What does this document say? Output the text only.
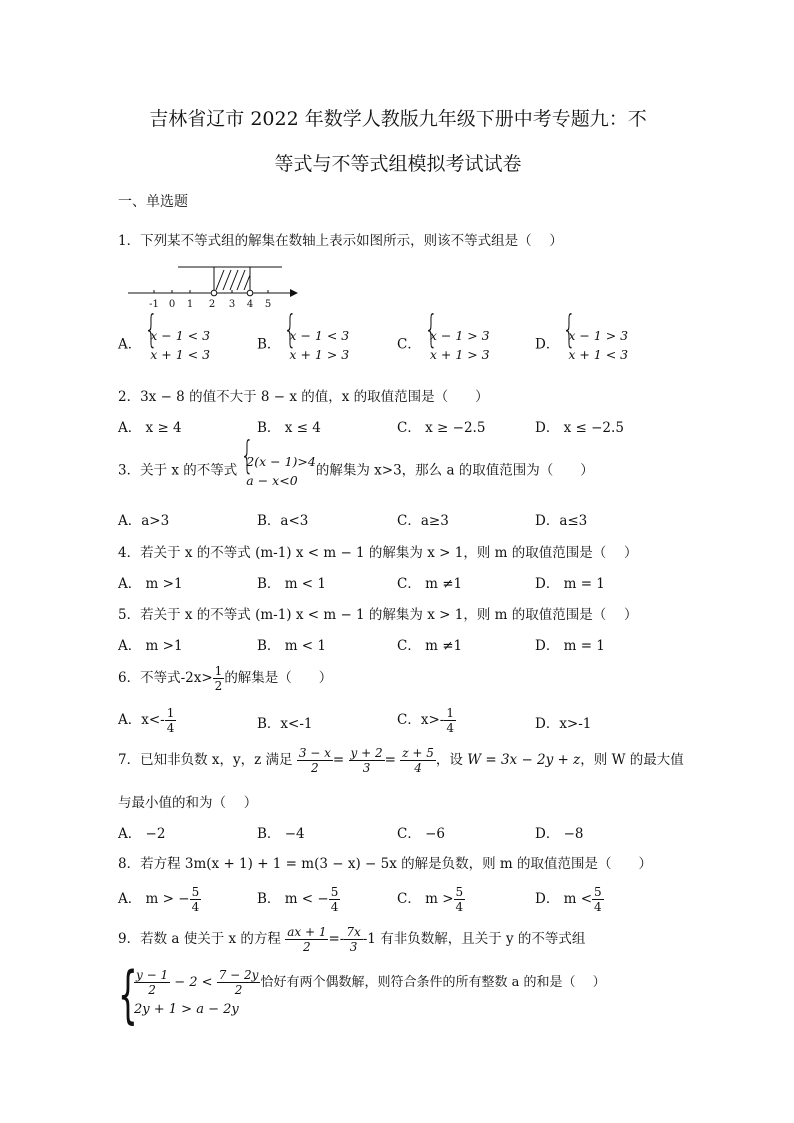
吉林省辽市 2022 年数学人教版九年级下册中考专题九：不
等式与不等式组模拟考试试卷
一、单选题
1．下列某不等式组的解集在数轴上表示如图所示，则该不等式组是（　 ）
-1 0 1 2 3 4 5
A．
{ x − 1 < 3
x + 1 < 3
B．
{ x − 1 < 3
x + 1 > 3
C．
{ x − 1 > 3
x + 1 > 3
D．
{ x − 1 > 3
x + 1 < 3
2．3x − 8 的值不大于 8 − x 的值，x 的取值范围是（　　）
A． x ≥ 4	B． x ≤ 4	C． x ≥ −2.5	D． x ≤ −2.5
3．关于 x 的不等式
{ 2(x − 1)>4
a − x<0
的解集为 x>3，那么 a 的取值范围为（　　）
A．a>3	B．a<3	C．a≥3	D．a≤3
4．若关于 x 的不等式 (m-1) x < m − 1 的解集为 x > 1，则 m 的取值范围是（　 ）
A． m >1	B． m < 1	C． m ≠1	D． m = 1
5．若关于 x 的不等式 (m-1) x < m − 1 的解集为 x > 1，则 m 的取值范围是（　 ）
A． m >1	B． m < 1	C． m ≠1	D． m = 1
6．不等式$-2x> \frac{1}{2}$ 的解集是（　　）
A．$x<- \frac{1}{4}$	B．x<-1	C．$x>- \frac{1}{4}$	D．x>-1
7．已知非负数 x，y，z 满足 $\frac{3 - x}{2} = \frac{y + 2}{3} = \frac{z + 5}{4}$ ，设 W = 3x − 2y + z，则 W 的最大值
与最小值的和为（　 ）
A． −2	B． −4	C． −6	D． −8
8．若方程 3m(x + 1) + 1 = m(3 − x) − 5x 的解是负数，则 m 的取值范围是（　　）
A． m > − $\frac{5}{4}$	B． m < − $\frac{5}{4}$	C． $m > \frac{5}{4}$	D． $m < \frac{5}{4}$
9．若数 a 使关于 x 的方程 $\frac{ax + 1}{2} =- \frac{7x}{3} -1$ 有非负数解，且关于 y 的不等式组
{
$\frac{y - 1}{2} - 2 < \frac{7 - 2y}{2}$ 恰好有两个偶数解，则符合条件的所有整数 a 的和是（　 ）
2y + 1 > a − 2y
